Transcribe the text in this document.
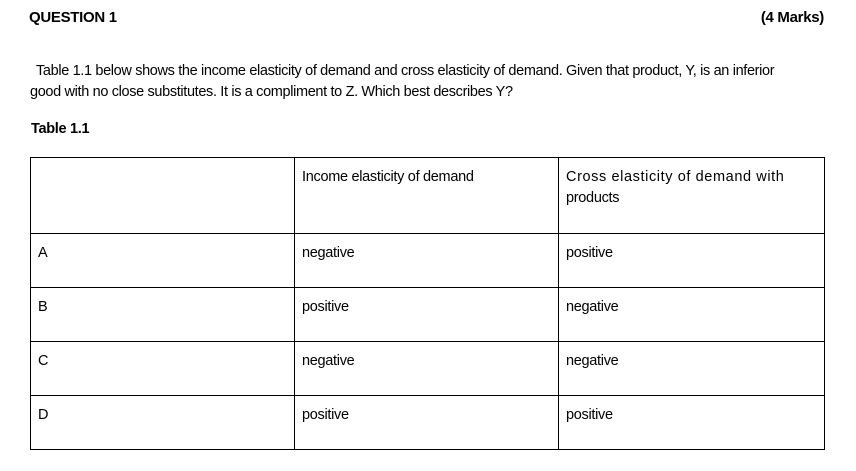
QUESTION 1	(4 Marks)
Table 1.1 below shows the income elasticity of demand and cross elasticity of demand. Given that product, Y, is an inferior
good with no close substitutes. It is a compliment to Z. Which best describes Y?
Table 1.1

	Income elasticity of demand	Cross elasticity of demand with
products

A	negative	positive

B	positive	negative

C	negative	negative

D	positive	positive
